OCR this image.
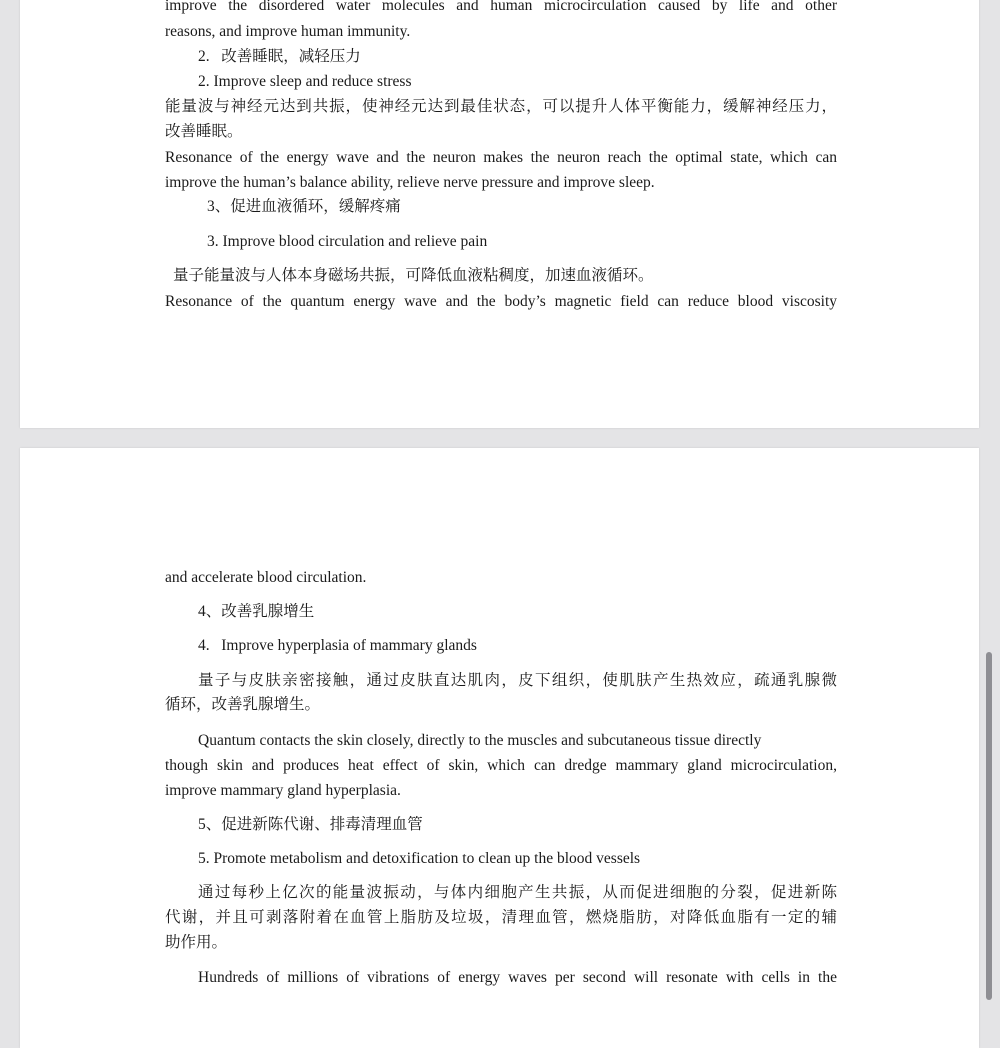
improve the disordered water molecules and human microcirculation caused by life and other
reasons, and improve human immunity.
2.   改善睡眠，减轻压力
2. Improve sleep and reduce stress
能量波与神经元达到共振，使神经元达到最佳状态，可以提升人体平衡能力，缓解神经压力，
改善睡眠。
Resonance of the energy wave and the neuron makes the neuron reach the optimal state, which can
improve the human’s balance ability, relieve nerve pressure and improve sleep.
3、促进血液循环，缓解疼痛
3. Improve blood circulation and relieve pain
量子能量波与人体本身磁场共振，可降低血液粘稠度，加速血液循环。
Resonance of the quantum energy wave and the body’s magnetic field can reduce blood viscosity
and accelerate blood circulation.
4、改善乳腺增生
4.   Improve hyperplasia of mammary glands
量子与皮肤亲密接触，通过皮肤直达肌肉，皮下组织，使肌肤产生热效应，疏通乳腺微
循环，改善乳腺增生。
Quantum contacts the skin closely, directly to the muscles and subcutaneous tissue directly
though skin and produces heat effect of skin, which can dredge mammary gland microcirculation,
improve mammary gland hyperplasia.
5、促进新陈代谢、排毒清理血管
5. Promote metabolism and detoxification to clean up the blood vessels
通过每秒上亿次的能量波振动，与体内细胞产生共振，从而促进细胞的分裂，促进新陈
代谢，并且可剥落附着在血管上脂肪及垃圾，清理血管，燃烧脂肪，对降低血脂有一定的辅
助作用。
Hundreds of millions of vibrations of energy waves per second will resonate with cells in the
